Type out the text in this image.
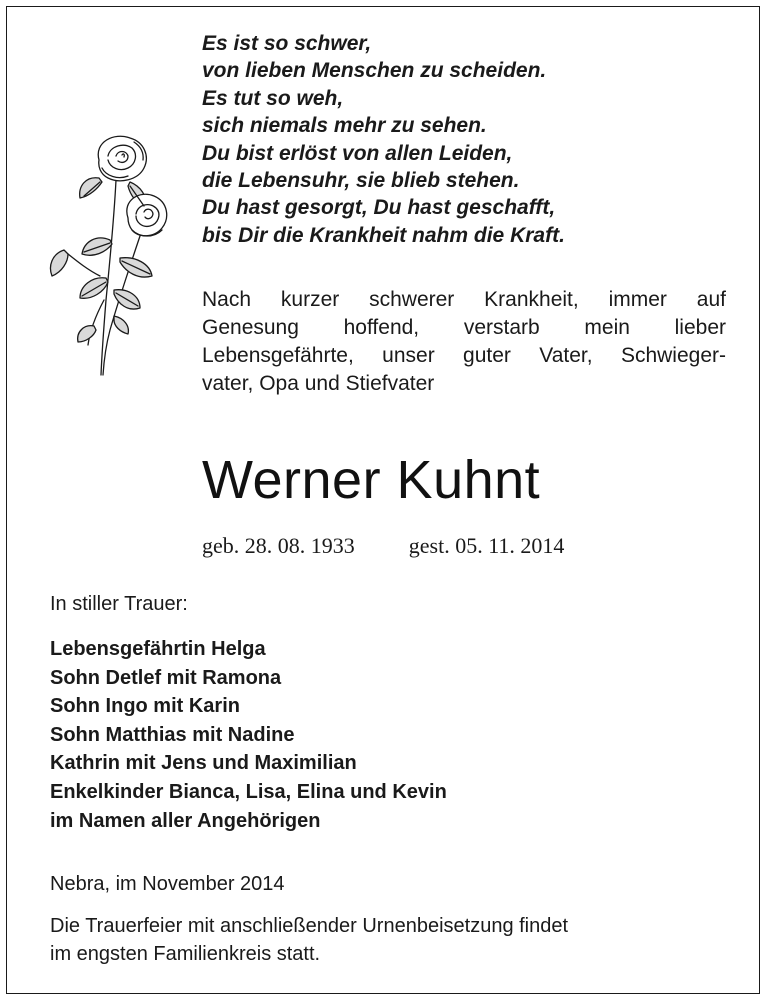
Es ist so schwer,
von lieben Menschen zu scheiden.
Es tut so weh,
sich niemals mehr zu sehen.
Du bist erlöst von allen Leiden,
die Lebensuhr, sie blieb stehen.
Du hast gesorgt, Du hast geschafft,
bis Dir die Krankheit nahm die Kraft.
Nach kurzer schwerer Krankheit, immer auf
Genesung hoffend, verstarb mein lieber
Lebensgefährte, unser guter Vater, Schwieger-
vater, Opa und Stiefvater
Werner Kuhnt
geb. 28. 08. 1933 gest. 05. 11. 2014
In stiller Trauer:
Lebensgefährtin Helga
Sohn Detlef mit Ramona
Sohn Ingo mit Karin
Sohn Matthias mit Nadine
Kathrin mit Jens und Maximilian
Enkelkinder Bianca, Lisa, Elina und Kevin
im Namen aller Angehörigen
Nebra, im November 2014
Die Trauerfeier mit anschließender Urnenbeisetzung findet
im engsten Familienkreis statt.
